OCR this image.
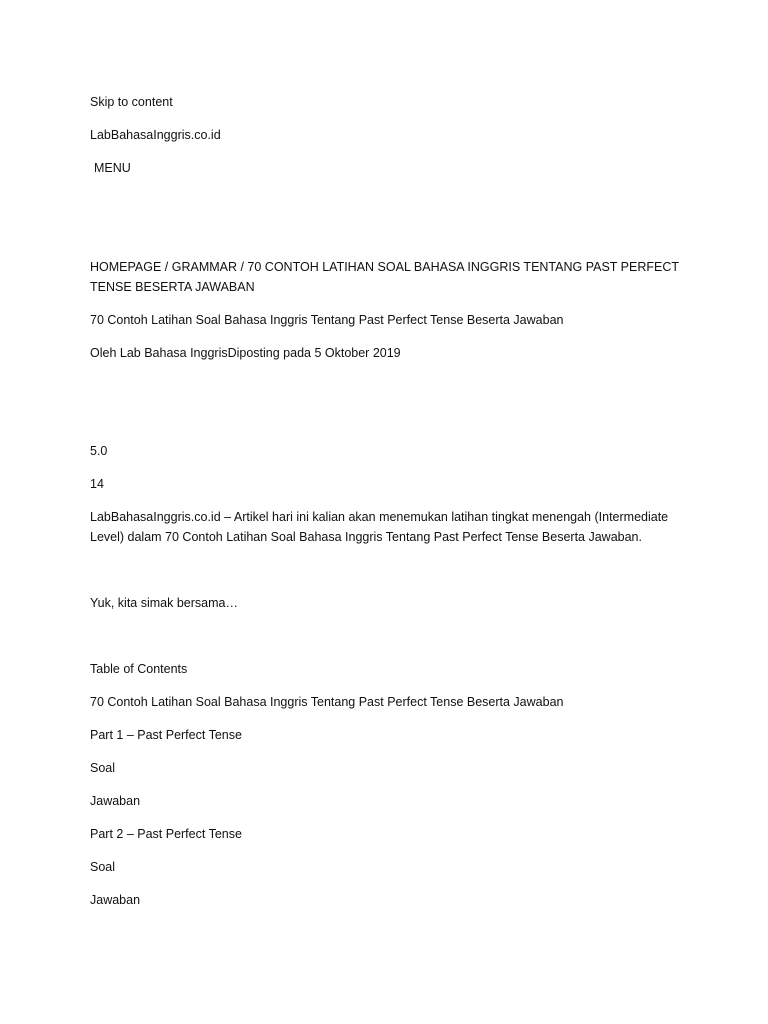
Skip to content
LabBahasaInggris.co.id
MENU

HOMEPAGE / GRAMMAR / 70 CONTOH LATIHAN SOAL BAHASA INGGRIS TENTANG PAST PERFECT TENSE BESERTA JAWABAN

70 Contoh Latihan Soal Bahasa Inggris Tentang Past Perfect Tense Beserta Jawaban

Oleh Lab Bahasa InggrisDiposting pada 5 Oktober 2019

5.0

14

LabBahasaInggris.co.id – Artikel hari ini kalian akan menemukan latihan tingkat menengah (Intermediate Level) dalam 70 Contoh Latihan Soal Bahasa Inggris Tentang Past Perfect Tense Beserta Jawaban.

Yuk, kita simak bersama…

Table of Contents

70 Contoh Latihan Soal Bahasa Inggris Tentang Past Perfect Tense Beserta Jawaban
Part 1 – Past Perfect Tense
Soal
Jawaban
Part 2 – Past Perfect Tense
Soal
Jawaban
